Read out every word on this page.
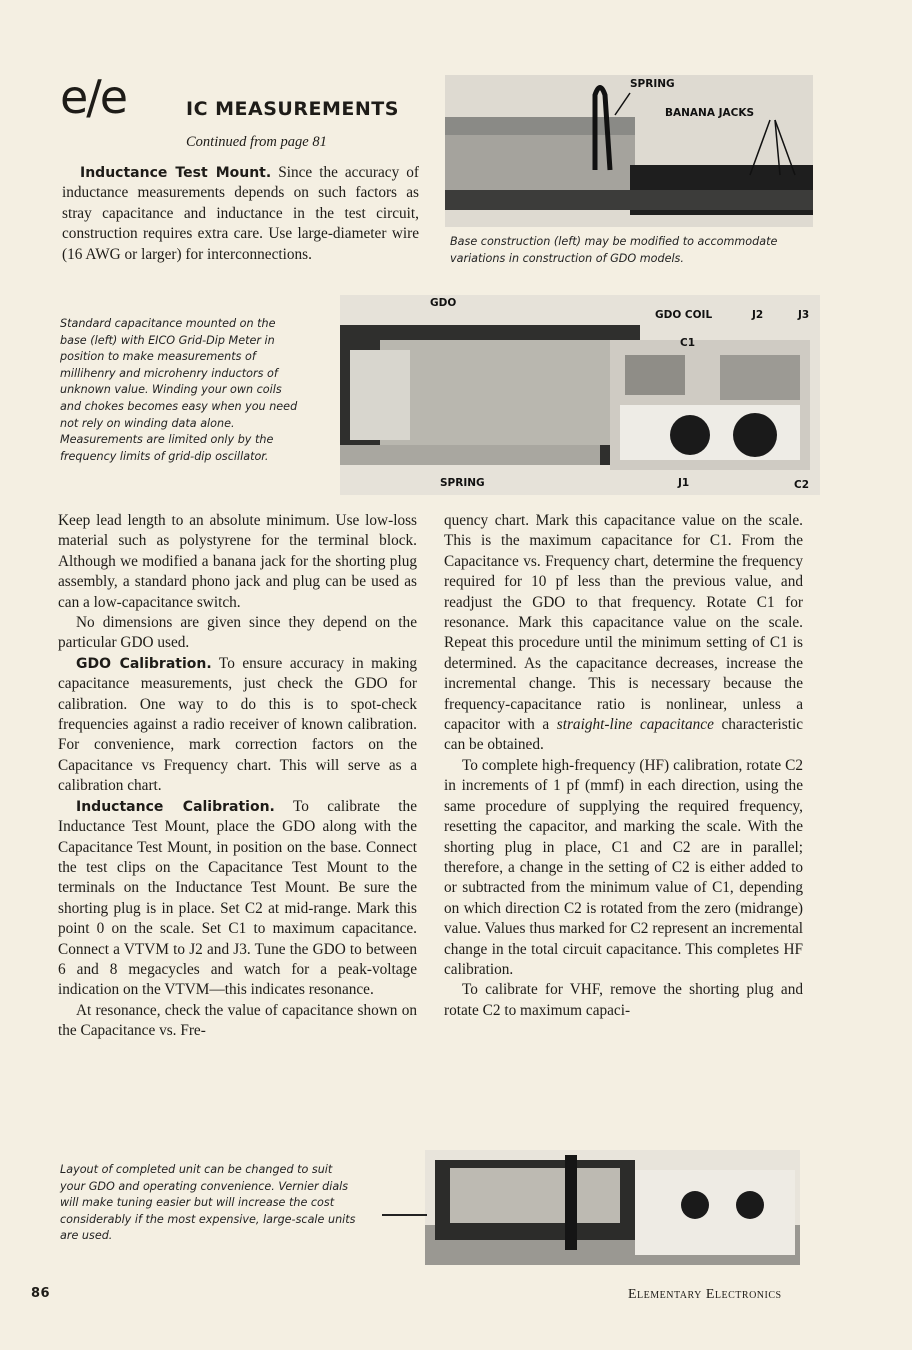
e/e	IC MEASUREMENTS
Continued from page 81

Inductance Test Mount. Since the accuracy of inductance measurements depends on such factors as stray capacitance and inductance in the test circuit, construction requires extra care. Use large-diameter wire (16 AWG or larger) for interconnections.

SPRING
BANANA JACKS
Base construction (left) may be modified to accommodate variations in construction of GDO models.
Standard capacitance mounted on the base (left) with EICO Grid-Dip Meter in position to make measurements of millihenry and microhenry inductors of unknown value. Winding your own coils and chokes becomes easy when you need not rely on winding data alone. Measurements are limited only by the frequency limits of grid-dip oscillator.
GDO
GDO COIL
C1
J2	J3
SPRING	J1	C2

Keep lead length to an absolute minimum. Use low-loss material such as polystyrene for the terminal block. Although we modified a banana jack for the shorting plug assembly, a standard phono jack and plug can be used as can a low-capacitance switch.

No dimensions are given since they depend on the particular GDO used.

GDO Calibration. To ensure accuracy in making capacitance measurements, just check the GDO for calibration. One way to do this is to spot-check frequencies against a radio receiver of known calibration. For convenience, mark correction factors on the Capacitance vs Frequency chart. This will serve as a calibration chart.

Inductance Calibration. To calibrate the Inductance Test Mount, place the GDO along with the Capacitance Test Mount, in position on the base. Connect the test clips on the Capacitance Test Mount to the terminals on the Inductance Test Mount. Be sure the shorting plug is in place. Set C2 at mid-range. Mark this point 0 on the scale. Set C1 to maximum capacitance. Connect a VTVM to J2 and J3. Tune the GDO to between 6 and 8 megacycles and watch for a peak-voltage indication on the VTVM—this indicates resonance.

At resonance, check the value of capacitance shown on the Capacitance vs. Fre-

quency chart. Mark this capacitance value on the scale. This is the maximum capacitance for C1. From the Capacitance vs. Frequency chart, determine the frequency required for 10 pf less than the previous value, and readjust the GDO to that frequency. Rotate C1 for resonance. Mark this capacitance value on the scale. Repeat this procedure until the minimum setting of C1 is determined. As the capacitance decreases, increase the incremental change. This is necessary because the frequency-capacitance ratio is nonlinear, unless a capacitor with a straight-line capacitance characteristic can be obtained.

To complete high-frequency (HF) calibration, rotate C2 in increments of 1 pf (mmf) in each direction, using the same procedure of supplying the required frequency, resetting the capacitor, and marking the scale. With the shorting plug in place, C1 and C2 are in parallel; therefore, a change in the setting of C2 is either added to or subtracted from the minimum value of C1, depending on which direction C2 is rotated from the zero (midrange) value. Values thus marked for C2 represent an incremental change in the total circuit capacitance. This completes HF calibration.

To calibrate for VHF, remove the shorting plug and rotate C2 to maximum capaci-

Layout of completed unit can be changed to suit your GDO and operating convenience. Vernier dials will make tuning easier but will increase the cost considerably if the most expensive, large-scale units are used.
86	Elementary Electronics
